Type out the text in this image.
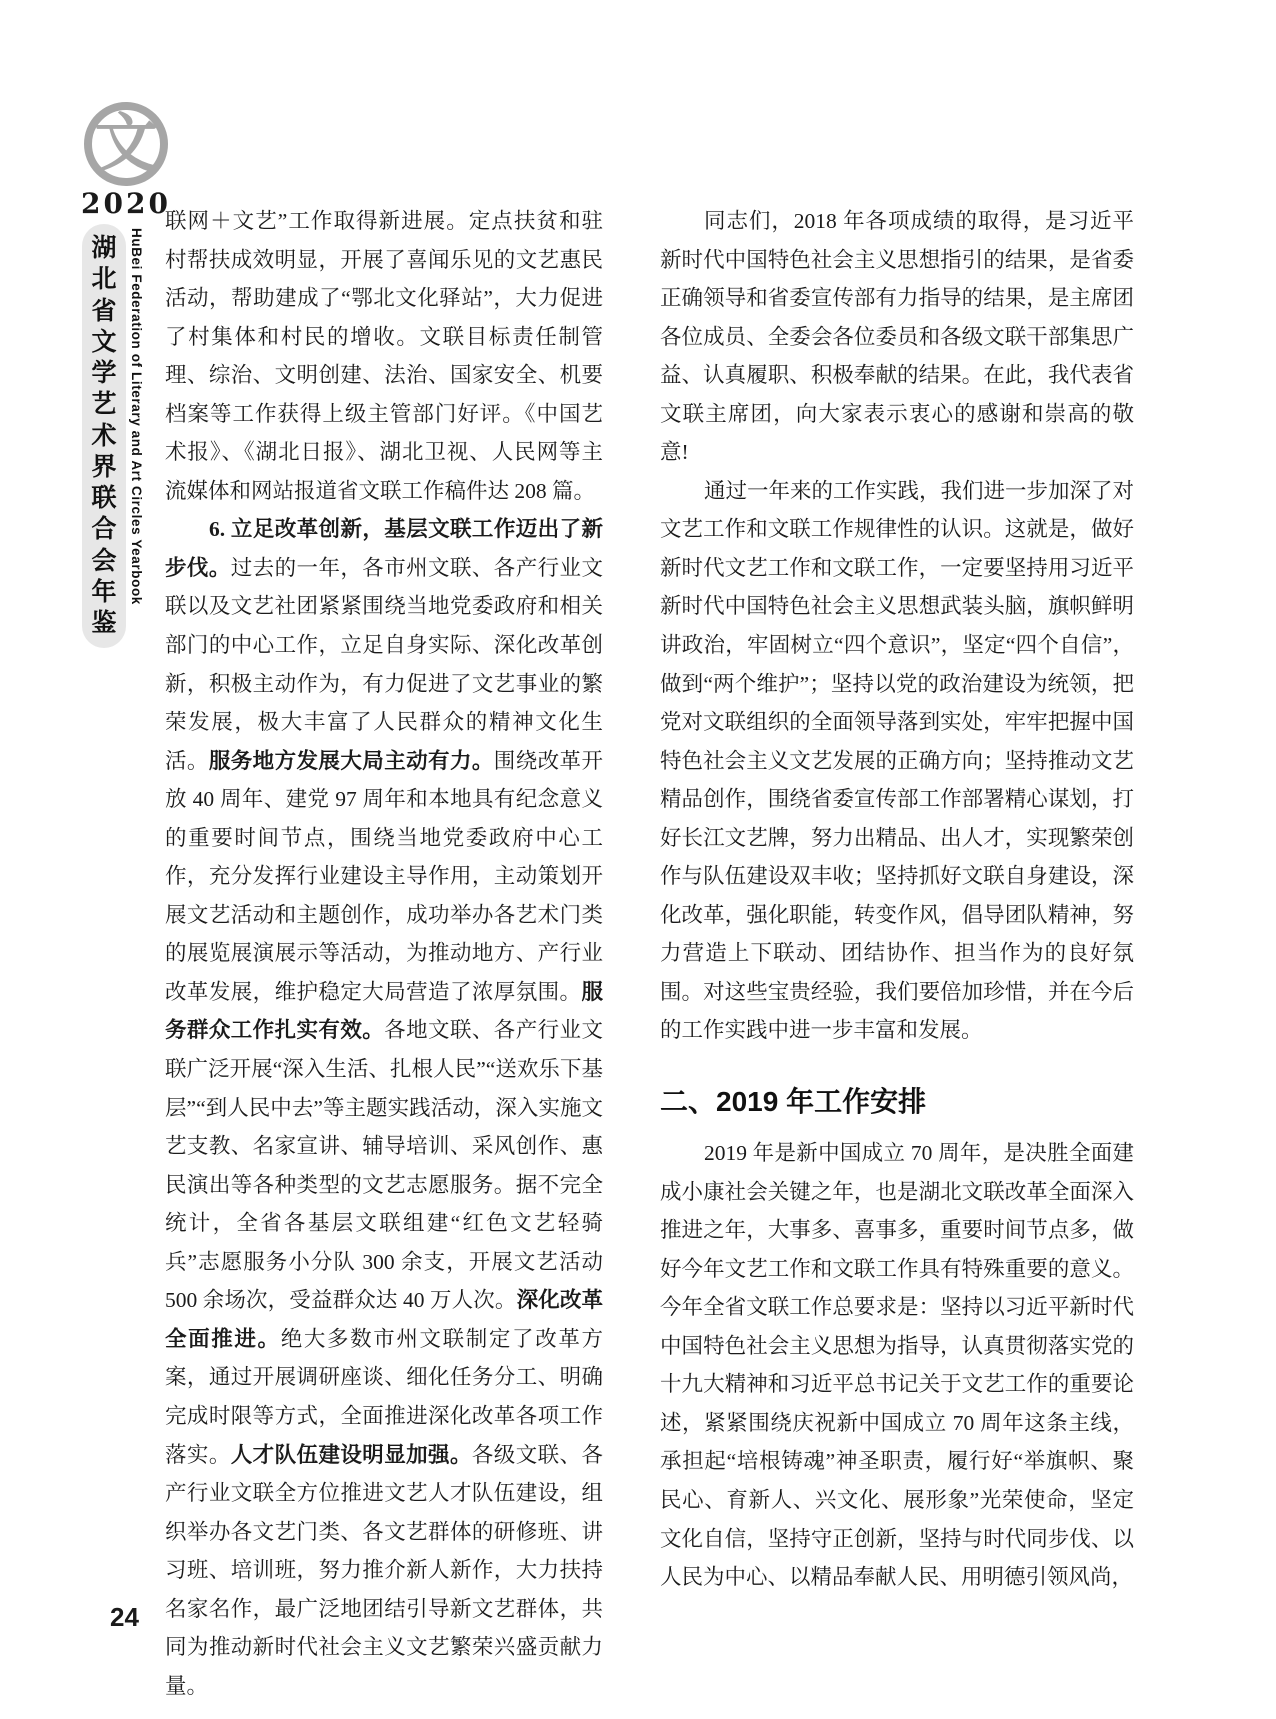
文
2020
湖
北
省
文
学
艺
术
界
联
合
会
年
鉴
HuBei Federation of Literary and Art Circles Yearbook

联网＋文艺”工作取得新进展。定点扶贫和驻村帮扶成效明显，开展了喜闻乐见的文艺惠民活动，帮助建成了“鄂北文化驿站”，大力促进了村集体和村民的增收。文联目标责任制管理、综治、文明创建、法治、国家安全、机要档案等工作获得上级主管部门好评。《中国艺术报》、《湖北日报》、湖北卫视、人民网等主流媒体和网站报道省文联工作稿件达 208 篇。

6. 立足改革创新，基层文联工作迈出了新步伐。过去的一年，各市州文联、各产行业文联以及文艺社团紧紧围绕当地党委政府和相关部门的中心工作，立足自身实际、深化改革创新，积极主动作为，有力促进了文艺事业的繁荣发展，极大丰富了人民群众的精神文化生活。服务地方发展大局主动有力。围绕改革开放 40 周年、建党 97 周年和本地具有纪念意义的重要时间节点，围绕当地党委政府中心工作，充分发挥行业建设主导作用，主动策划开展文艺活动和主题创作，成功举办各艺术门类的展览展演展示等活动，为推动地方、产行业改革发展，维护稳定大局营造了浓厚氛围。服务群众工作扎实有效。各地文联、各产行业文联广泛开展“深入生活、扎根人民”“送欢乐下基层”“到人民中去”等主题实践活动，深入实施文艺支教、名家宣讲、辅导培训、采风创作、惠民演出等各种类型的文艺志愿服务。据不完全统计，全省各基层文联组建“红色文艺轻骑兵”志愿服务小分队 300 余支，开展文艺活动 500 余场次，受益群众达 40 万人次。深化改革全面推进。绝大多数市州文联制定了改革方案，通过开展调研座谈、细化任务分工、明确完成时限等方式，全面推进深化改革各项工作落实。人才队伍建设明显加强。各级文联、各产行业文联全方位推进文艺人才队伍建设，组织举办各文艺门类、各文艺群体的研修班、讲习班、培训班，努力推介新人新作，大力扶持名家名作，最广泛地团结引导新文艺群体，共同为推动新时代社会主义文艺繁荣兴盛贡献力量。

同志们，2018 年各项成绩的取得，是习近平新时代中国特色社会主义思想指引的结果，是省委正确领导和省委宣传部有力指导的结果，是主席团各位成员、全委会各位委员和各级文联干部集思广益、认真履职、积极奉献的结果。在此，我代表省文联主席团，向大家表示衷心的感谢和崇高的敬意!

通过一年来的工作实践，我们进一步加深了对文艺工作和文联工作规律性的认识。这就是，做好新时代文艺工作和文联工作，一定要坚持用习近平新时代中国特色社会主义思想武装头脑，旗帜鲜明讲政治，牢固树立“四个意识”，坚定“四个自信”，做到“两个维护”；坚持以党的政治建设为统领，把党对文联组织的全面领导落到实处，牢牢把握中国特色社会主义文艺发展的正确方向；坚持推动文艺精品创作，围绕省委宣传部工作部署精心谋划，打好长江文艺牌，努力出精品、出人才，实现繁荣创作与队伍建设双丰收；坚持抓好文联自身建设，深化改革，强化职能，转变作风，倡导团队精神，努力营造上下联动、团结协作、担当作为的良好氛围。对这些宝贵经验，我们要倍加珍惜，并在今后的工作实践中进一步丰富和发展。

二、2019 年工作安排

2019 年是新中国成立 70 周年，是决胜全面建成小康社会关键之年，也是湖北文联改革全面深入推进之年，大事多、喜事多，重要时间节点多，做好今年文艺工作和文联工作具有特殊重要的意义。今年全省文联工作总要求是：坚持以习近平新时代中国特色社会主义思想为指导，认真贯彻落实党的十九大精神和习近平总书记关于文艺工作的重要论述，紧紧围绕庆祝新中国成立 70 周年这条主线，承担起“培根铸魂”神圣职责，履行好“举旗帜、聚民心、育新人、兴文化、展形象”光荣使命，坚定文化自信，坚持守正创新，坚持与时代同步伐、以人民为中心、以精品奉献人民、用明德引领风尚，

24
